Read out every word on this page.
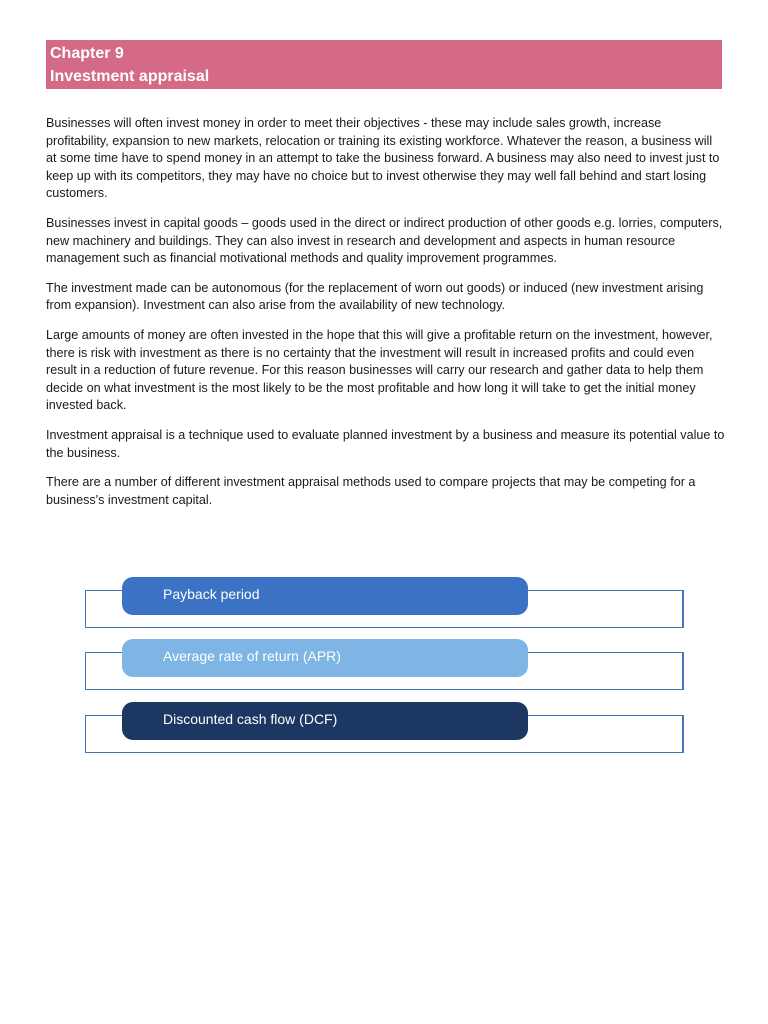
Chapter 9
Investment appraisal

Businesses will often invest money in order to meet their objectives - these may include sales growth, increase profitability, expansion to new markets, relocation or training its existing workforce. Whatever the reason, a business will at some time have to spend money in an attempt to take the business forward. A business may also need to invest just to keep up with its competitors, they may have no choice but to invest otherwise they may well fall behind and start losing customers.

Businesses invest in capital goods – goods used in the direct or indirect production of other goods e.g. lorries, computers, new machinery and buildings. They can also invest in research and development and aspects in human resource management such as financial motivational methods and quality improvement programmes.

The investment made can be autonomous (for the replacement of worn out goods) or induced (new investment arising from expansion). Investment can also arise from the availability of new technology.

Large amounts of money are often invested in the hope that this will give a profitable return on the investment, however, there is risk with investment as there is no certainty that the investment will result in increased profits and could even result in a reduction of future revenue. For this reason businesses will carry our research and gather data to help them decide on what investment is the most likely to be the most profitable and how long it will take to get the initial money invested back.

Investment appraisal is a technique used to evaluate planned investment by a business and measure its potential value to the business.

There are a number of different investment appraisal methods used to compare projects that may be competing for a business's investment capital.

Payback period
Average rate of return (APR)
Discounted cash flow (DCF)
